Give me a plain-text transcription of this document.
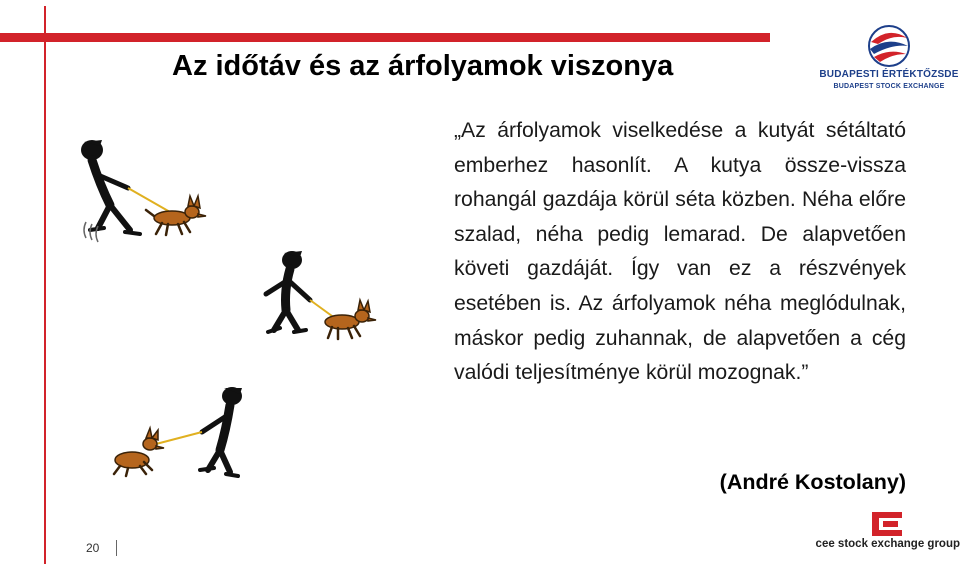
Az időtáv és az árfolyamok viszonya	BUDAPESTI ÉRTÉKTŐZSDE
BUDAPEST STOCK EXCHANGE
„Az árfolyamok viselkedése a kutyát sétáltató emberhez hasonlít. A kutya össze-vissza rohangál gazdája körül séta közben. Néha előre szalad, néha pedig lemarad. De alapvetően követi gazdáját. Így van ez a részvények esetében is. Az árfolyamok néha meglódulnak, máskor pedig zuhannak, de alapvetően a cég valódi teljesítménye körül mozognak.”
(André Kostolany)
20	cee stock exchange group
